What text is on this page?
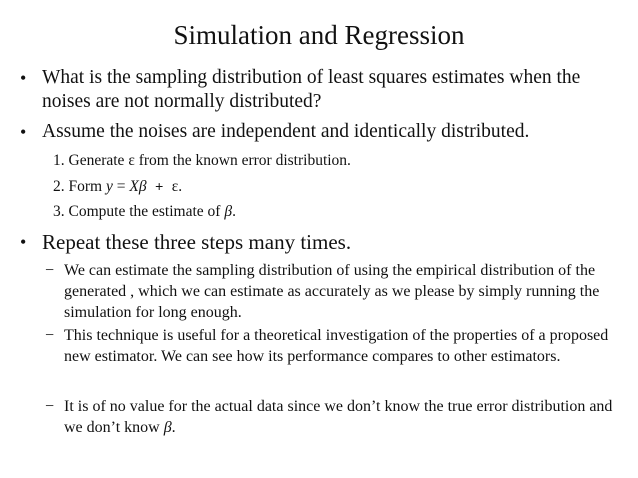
Simulation and Regression
• What is the sampling distribution of least squares estimates when the noises are not normally distributed?
• Assume the noises are independent and identically distributed.
1. Generate ε from the known error distribution.
2. Form y = Xβ + ε.
3. Compute the estimate of β.
• Repeat these three steps many times.
− We can estimate the sampling distribution of using the empirical distribution of the generated , which we can estimate as accurately as we please by simply running the simulation for long enough.
− This technique is useful for a theoretical investigation of the properties of a proposed new estimator. We can see how its performance compares to other estimators.
− It is of no value for the actual data since we don’t know the true error distribution and we don’t know β.
